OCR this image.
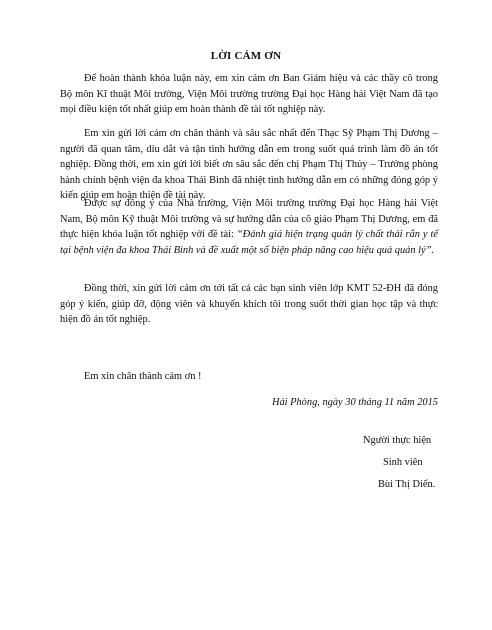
LỜI CẢM ƠN

Để hoàn thành khóa luận này, em xin cám ơn Ban Giám hiệu và các thầy cô trong Bộ môn Kĩ thuật Môi trường, Viện Môi trường trường Đại học Hàng hải Việt Nam đã tạo mọi điều kiện tốt nhất giúp em hoàn thành đề tài tốt nghiệp này.

Em xin gửi lời cám ơn chân thành và sâu sắc nhất đến Thạc Sỹ Phạm Thị Dương – người đã quan tâm, dìu dắt và tận tình hướng dẫn em trong suốt quá trình làm đồ án tốt nghiệp. Đồng thời, em xin gửi lời biết ơn sâu sắc đến chị Phạm Thị Thủy – Trưởng phòng hành chính bệnh viện đa khoa Thái Bình đã nhiệt tình hướng dẫn em có những đóng góp ý kiến giúp em hoàn thiện đề tài này.

Được sự đồng ý của Nhà trường, Viện Môi trường trường Đại học Hàng hải Việt Nam, Bộ môn Kỹ thuật Môi trường và sự hướng dẫn của cô giáo Phạm Thị Dương, em đã thực hiện khóa luận tốt nghiệp với đề tài: “Đánh giá hiện trạng quản lý chất thải rắn y tế tại bệnh viện đa khoa Thái Bình và đề xuất một số biện pháp nâng cao hiệu quả quản lý”.

Đồng thời, xin gửi lời cám ơn tới tất cả các bạn sinh viên lớp KMT 52-ĐH đã đóng góp ý kiến, giúp đỡ, động viên và khuyến khích tôi trong suốt thời gian học tập và thực hiện đồ án tốt nghiệp.

Em xin chân thành cám ơn !

Hải Phòng, ngày 30 tháng 11 năm 2015
Người thực hiện
Sinh viên
Bùi Thị Diến.
